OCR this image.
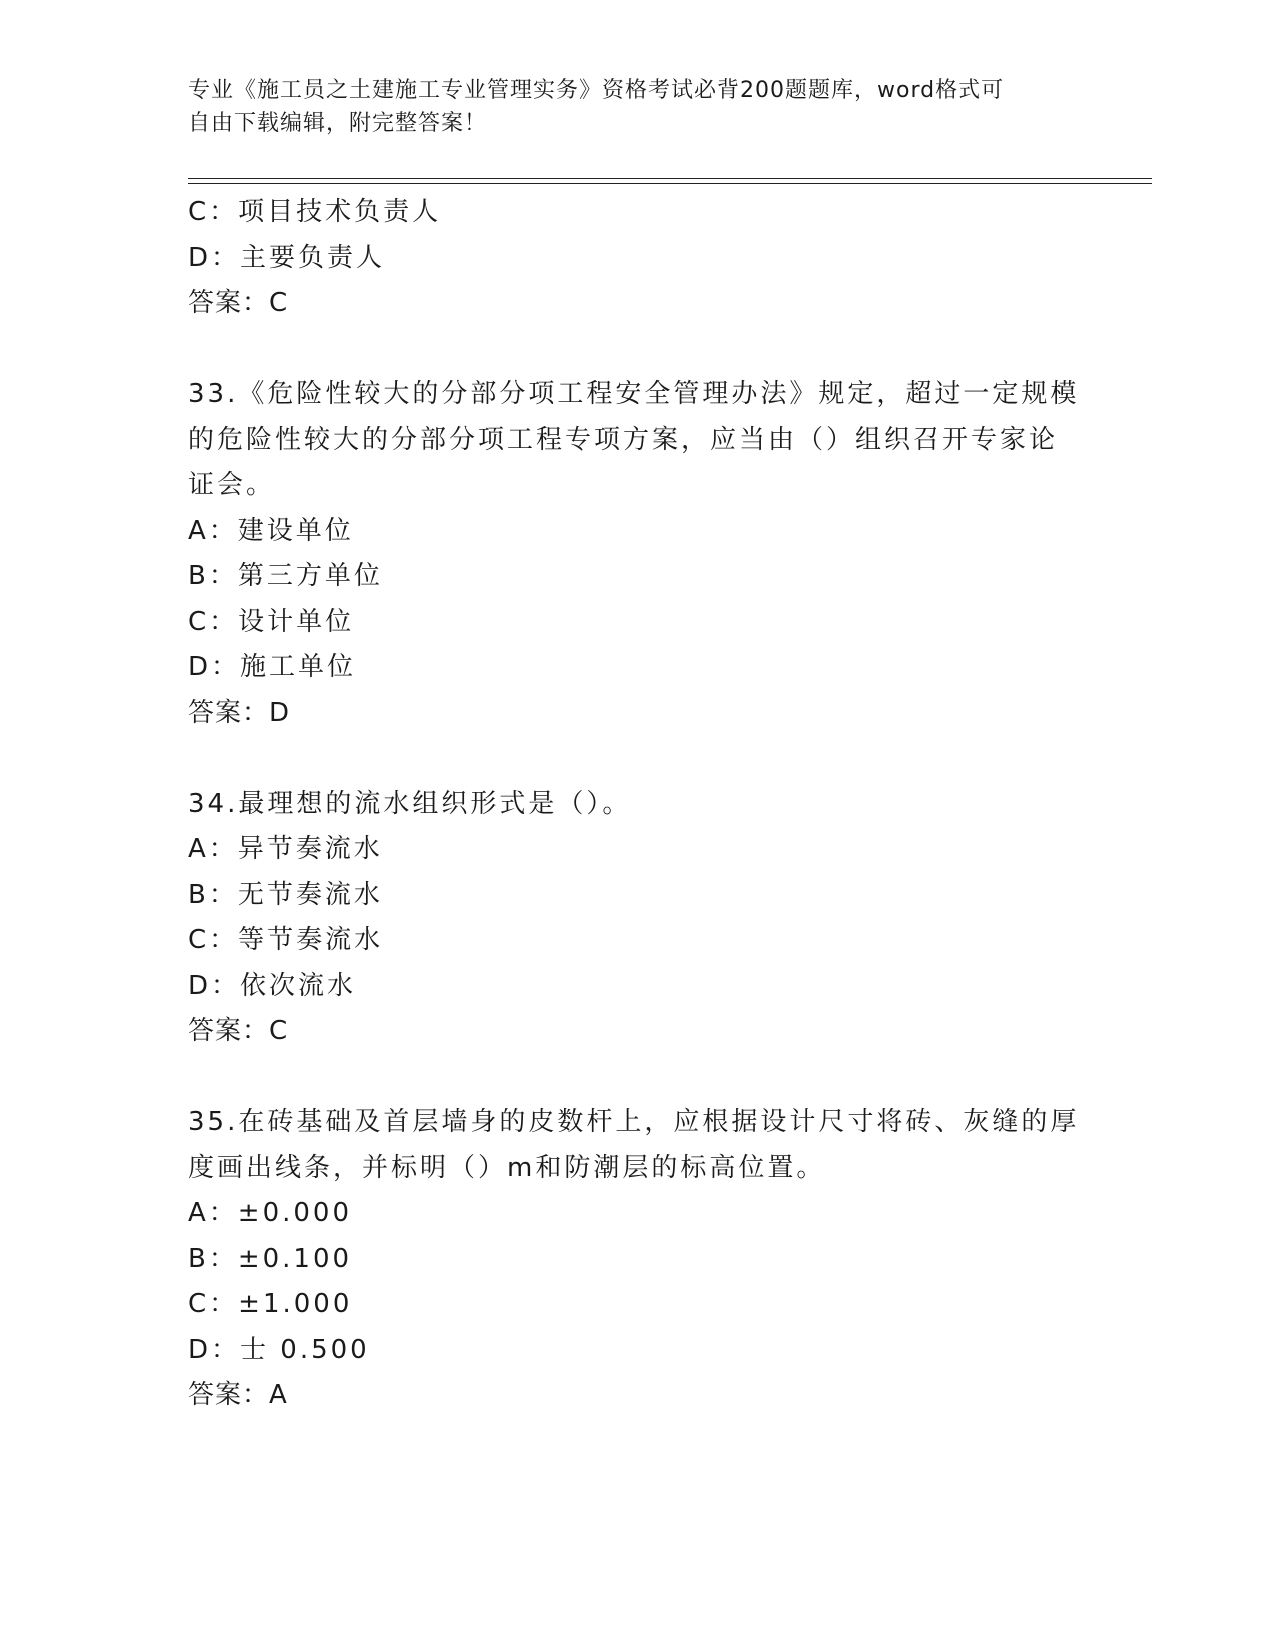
专业《施工员之土建施工专业管理实务》资格考试必背200题题库，word格式可
自由下载编辑，附完整答案！
C：项目技术负责人
D：主要负责人
答案：C
33.《危险性较大的分部分项工程安全管理办法》规定，超过一定规模
的危险性较大的分部分项工程专项方案，应当由（）组织召开专家论
证会。
A：建设单位
B：第三方单位
C：设计单位
D：施工单位
答案：D
34.最理想的流水组织形式是（）。
A：异节奏流水
B：无节奏流水
C：等节奏流水
D：依次流水
答案：C
35.在砖基础及首层墙身的皮数杆上，应根据设计尺寸将砖、灰缝的厚
度画出线条，并标明（）m和防潮层的标高位置。
A：±0.000
B：±0.100
C：±1.000
D：士 0.500
答案：A
